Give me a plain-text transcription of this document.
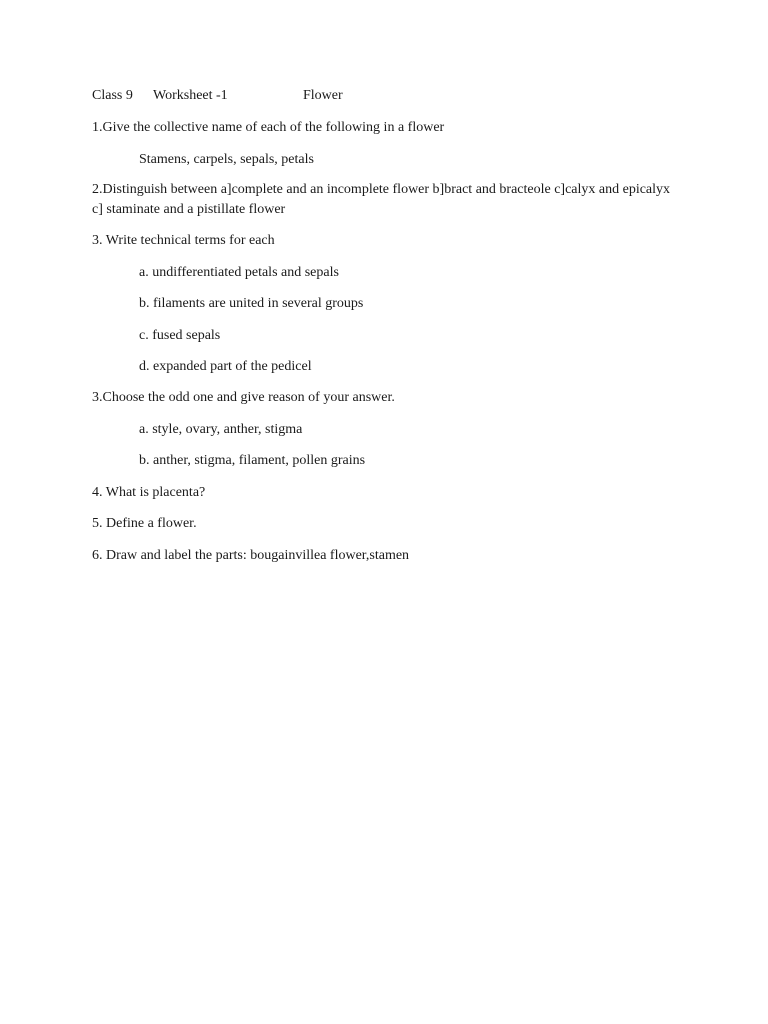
Class 9 Worksheet -1	Flower
1.Give the collective name of each of the following in a flower
Stamens, carpels, sepals, petals
2.Distinguish between a]complete and an incomplete flower b]bract and bracteole c]calyx and epicalyx c] staminate and a pistillate flower
3. Write technical terms for each
a. undifferentiated petals and sepals
b. filaments are united in several groups
c. fused sepals
d. expanded part of the pedicel
3.Choose the odd one and give reason of your answer.
a. style, ovary, anther, stigma
b. anther, stigma, filament, pollen grains
4. What is placenta?
5. Define a flower.
6. Draw and label the parts: bougainvillea flower,stamen
